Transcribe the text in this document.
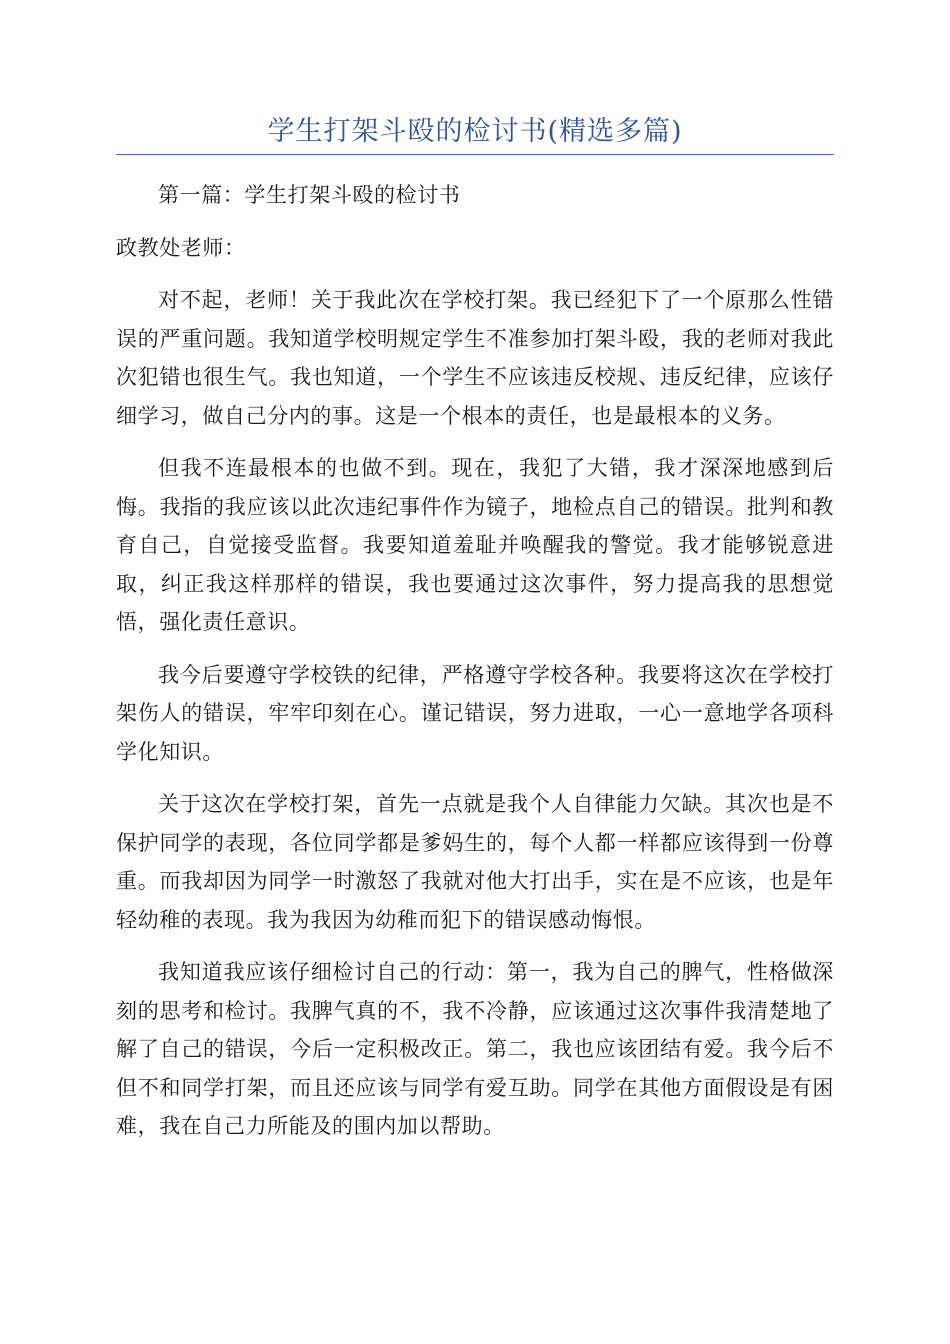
学生打架斗殴的检讨书(精选多篇)

第一篇：学生打架斗殴的检讨书

政教处老师：

对不起，老师！关于我此次在学校打架。我已经犯下了一个原那么性错误的严重问题。我知道学校明规定学生不准参加打架斗殴，我的老师对我此次犯错也很生气。我也知道，一个学生不应该违反校规、违反纪律，应该仔细学习，做自己分内的事。这是一个根本的责任，也是最根本的义务。

但我不连最根本的也做不到。现在，我犯了大错，我才深深地感到后悔。我指的我应该以此次违纪事件作为镜子，地检点自己的错误。批判和教育自己，自觉接受监督。我要知道羞耻并唤醒我的警觉。我才能够锐意进取，纠正我这样那样的错误，我也要通过这次事件，努力提高我的思想觉悟，强化责任意识。

我今后要遵守学校铁的纪律，严格遵守学校各种。我要将这次在学校打架伤人的错误，牢牢印刻在心。谨记错误，努力进取，一心一意地学各项科学化知识。

关于这次在学校打架，首先一点就是我个人自律能力欠缺。其次也是不保护同学的表现，各位同学都是爹妈生的，每个人都一样都应该得到一份尊重。而我却因为同学一时激怒了我就对他大打出手，实在是不应该，也是年轻幼稚的表现。我为我因为幼稚而犯下的错误感动悔恨。

我知道我应该仔细检讨自己的行动：第一，我为自己的脾气，性格做深刻的思考和检讨。我脾气真的不，我不冷静，应该通过这次事件我清楚地了解了自己的错误，今后一定积极改正。第二，我也应该团结有爱。我今后不但不和同学打架，而且还应该与同学有爱互助。同学在其他方面假设是有困难，我在自己力所能及的围内加以帮助。
